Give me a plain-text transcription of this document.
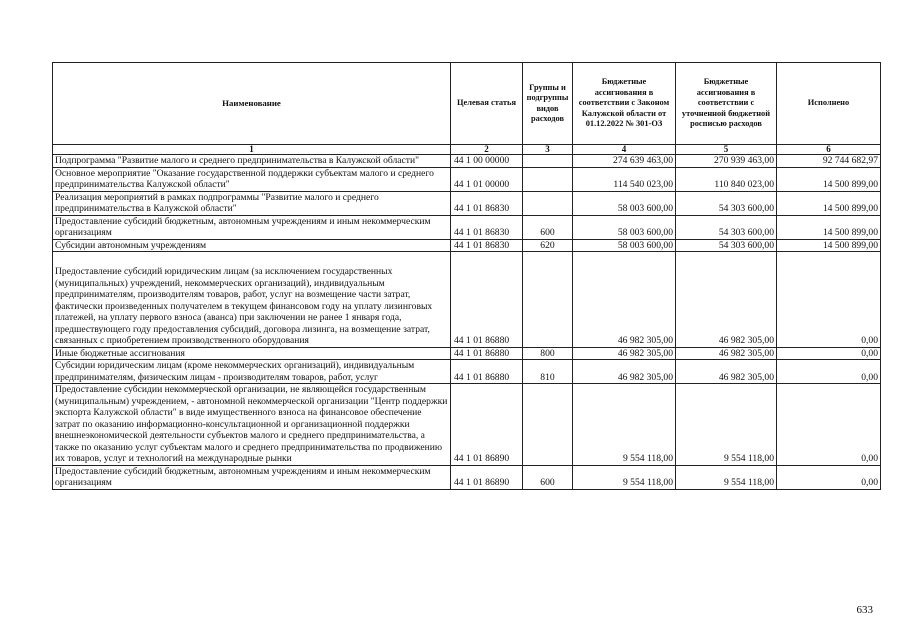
Наименование	Целевая статья	Группы и подгруппы видов расходов	Бюджетные ассигнования в соответствии с Законом Калужской области от 01.12.2022 № 301-ОЗ	Бюджетные ассигнования в соответствии с уточненной бюджетной росписью расходов	Исполнено
1	2	3	4	5	6
Подпрограмма "Развитие малого и среднего предпринимательства в Калужской области"	44 1 00 00000		274 639 463,00	270 939 463,00	92 744 682,97
Основное мероприятие "Оказание государственной поддержки субъектам малого и среднего предпринимательства Калужской области"	44 1 01 00000		114 540 023,00	110 840 023,00	14 500 899,00
Реализация мероприятий в рамках подпрограммы "Развитие малого и среднего предпринимательства в Калужской области"	44 1 01 86830		58 003 600,00	54 303 600,00	14 500 899,00
Предоставление субсидий бюджетным, автономным учреждениям и иным некоммерческим организациям	44 1 01 86830	600	58 003 600,00	54 303 600,00	14 500 899,00
Субсидии автономным учреждениям	44 1 01 86830	620	58 003 600,00	54 303 600,00	14 500 899,00
Предоставление субсидий юридическим лицам (за исключением государственных (муниципальных) учреждений, некоммерческих организаций), индивидуальным предпринимателям, производителям товаров, работ, услуг на возмещение части затрат, фактически произведенных получателем в текущем финансовом году на уплату лизинговых платежей, на уплату первого взноса (аванса) при заключении не ранее 1 января года, предшествующего году предоставления субсидий, договора лизинга, на возмещение затрат, связанных с приобретением производственного оборудования	44 1 01 86880		46 982 305,00	46 982 305,00	0,00
Иные бюджетные ассигнования	44 1 01 86880	800	46 982 305,00	46 982 305,00	0,00
Субсидии юридическим лицам (кроме некоммерческих организаций), индивидуальным предпринимателям, физическим лицам - производителям товаров, работ, услуг	44 1 01 86880	810	46 982 305,00	46 982 305,00	0,00
Предоставление субсидии некоммерческой организации, не являющейся государственным (муниципальным) учреждением, - автономной некоммерческой организации "Центр поддержки экспорта Калужской области" в виде имущественного взноса на финансовое обеспечение затрат по оказанию информационно-консультационной и организационной поддержки внешнеэкономической деятельности субъектов малого и среднего предпринимательства, а также по оказанию услуг субъектам малого и среднего предпринимательства по продвижению их товаров, услуг и технологий на международные рынки	44 1 01 86890		9 554 118,00	9 554 118,00	0,00
Предоставление субсидий бюджетным, автономным учреждениям и иным некоммерческим организациям	44 1 01 86890	600	9 554 118,00	9 554 118,00	0,00
633
